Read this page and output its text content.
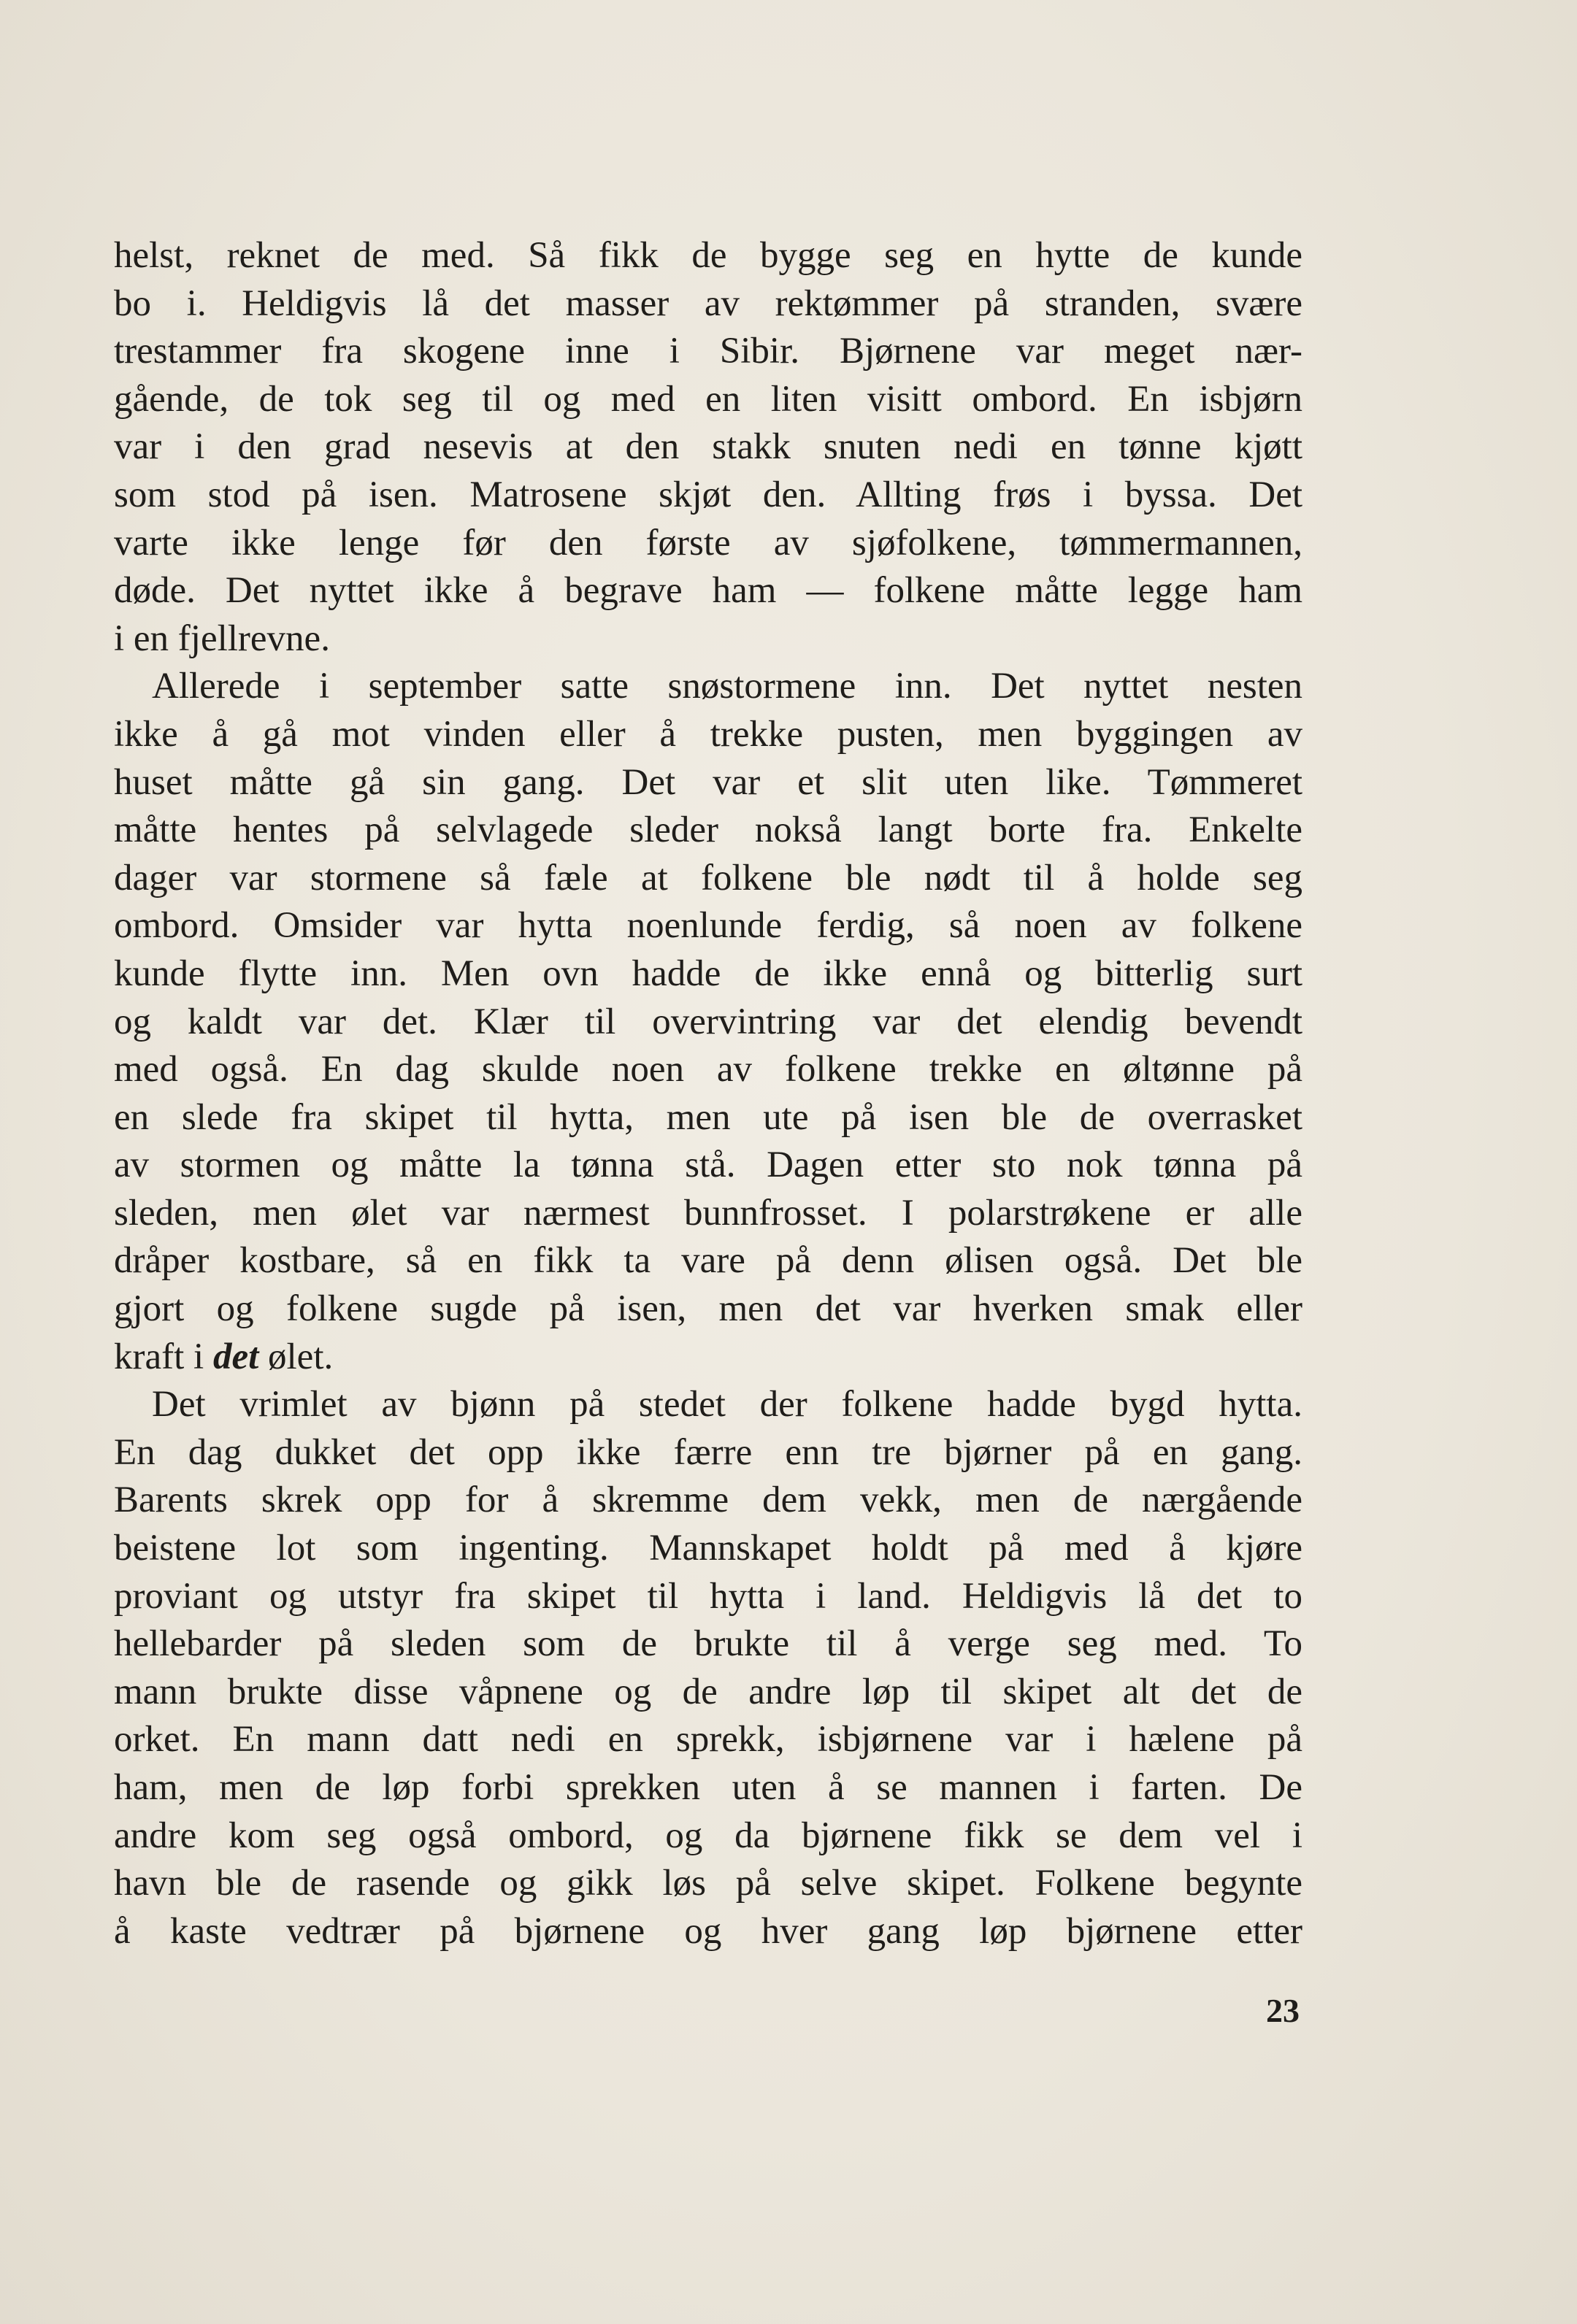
helst, reknet de med. Så fikk de bygge seg en hytte de kunde
bo i. Heldigvis lå det masser av rektømmer på stranden, svære
trestammer fra skogene inne i Sibir. Bjørnene var meget nær-
gående, de tok seg til og med en liten visitt ombord. En isbjørn
var i den grad nesevis at den stakk snuten nedi en tønne kjøtt
som stod på isen. Matrosene skjøt den. Allting frøs i byssa. Det
varte ikke lenge før den første av sjøfolkene, tømmermannen,
døde. Det nyttet ikke å begrave ham — folkene måtte legge ham
i en fjellrevne.
Allerede i september satte snøstormene inn. Det nyttet nesten
ikke å gå mot vinden eller å trekke pusten, men byggingen av
huset måtte gå sin gang. Det var et slit uten like. Tømmeret
måtte hentes på selvlagede sleder nokså langt borte fra. Enkelte
dager var stormene så fæle at folkene ble nødt til å holde seg
ombord. Omsider var hytta noenlunde ferdig, så noen av folkene
kunde flytte inn. Men ovn hadde de ikke ennå og bitterlig surt
og kaldt var det. Klær til overvintring var det elendig bevendt
med også. En dag skulde noen av folkene trekke en øltønne på
en slede fra skipet til hytta, men ute på isen ble de overrasket
av stormen og måtte la tønna stå. Dagen etter sto nok tønna på
sleden, men ølet var nærmest bunnfrosset. I polarstrøkene er alle
dråper kostbare, så en fikk ta vare på denn ølisen også. Det ble
gjort og folkene sugde på isen, men det var hverken smak eller
kraft i det ølet.
Det vrimlet av bjønn på stedet der folkene hadde bygd hytta.
En dag dukket det opp ikke færre enn tre bjørner på en gang.
Barents skrek opp for å skremme dem vekk, men de nærgående
beistene lot som ingenting. Mannskapet holdt på med å kjøre
proviant og utstyr fra skipet til hytta i land. Heldigvis lå det to
hellebarder på sleden som de brukte til å verge seg med. To
mann brukte disse våpnene og de andre løp til skipet alt det de
orket. En mann datt nedi en sprekk, isbjørnene var i hælene på
ham, men de løp forbi sprekken uten å se mannen i farten. De
andre kom seg også ombord, og da bjørnene fikk se dem vel i
havn ble de rasende og gikk løs på selve skipet. Folkene begynte
å kaste vedtrær på bjørnene og hver gang løp bjørnene etter
23
